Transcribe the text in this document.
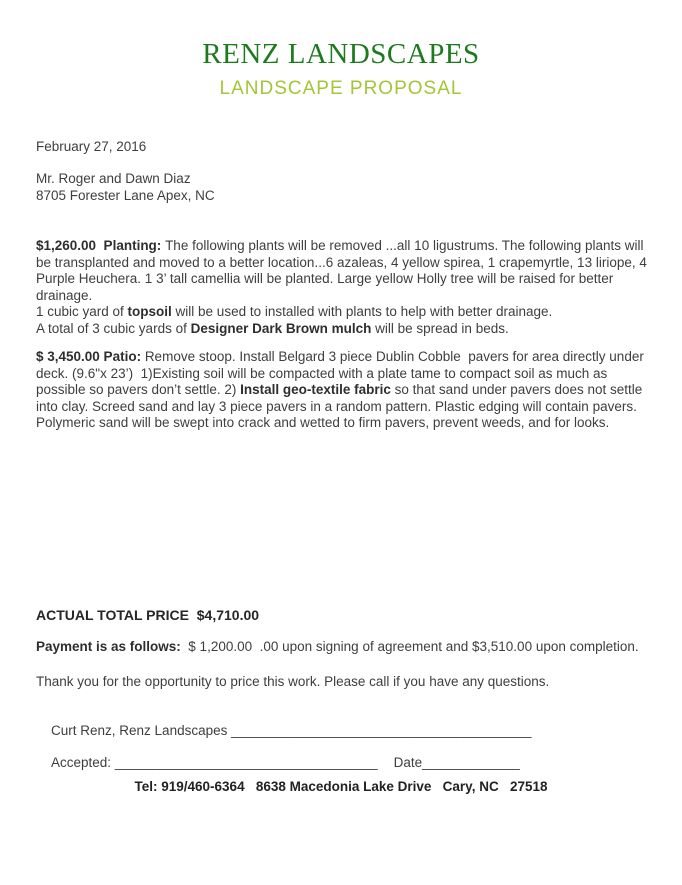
RENZ LANDSCAPES
LANDSCAPE PROPOSAL
February 27, 2016
Mr. Roger and Dawn Diaz
8705 Forester Lane Apex, NC
$1,260.00  Planting: The following plants will be removed ...all 10 ligustrums. The following plants will be transplanted and moved to a better location...6 azaleas, 4 yellow spirea, 1 crapemyrtle, 13 liriope, 4 Purple Heuchera. 1 3’ tall camellia will be planted. Large yellow Holly tree will be raised for better drainage.
1 cubic yard of topsoil will be used to installed with plants to help with better drainage.
A total of 3 cubic yards of Designer Dark Brown mulch will be spread in beds.
$ 3,450.00 Patio: Remove stoop. Install Belgard 3 piece Dublin Cobble  pavers for area directly under deck. (9.6"x 23’)  1)Existing soil will be compacted with a plate tame to compact soil as much as possible so pavers don’t settle. 2) Install geo-textile fabric so that sand under pavers does not settle into clay. Screed sand and lay 3 piece pavers in a random pattern. Plastic edging will contain pavers. Polymeric sand will be swept into crack and wetted to firm pavers, prevent weeds, and for looks.
ACTUAL TOTAL PRICE  $4,710.00
Payment is as follows:  $ 1,200.00  .00 upon signing of agreement and $3,510.00 upon completion.
Thank you for the opportunity to price this work. Please call if you have any questions.

Curt Renz, Renz Landscapes ________________________________________

Accepted: ___________________________________ Date_____________

Tel: 919/460-6364   8638 Macedonia Lake Drive   Cary, NC   27518
